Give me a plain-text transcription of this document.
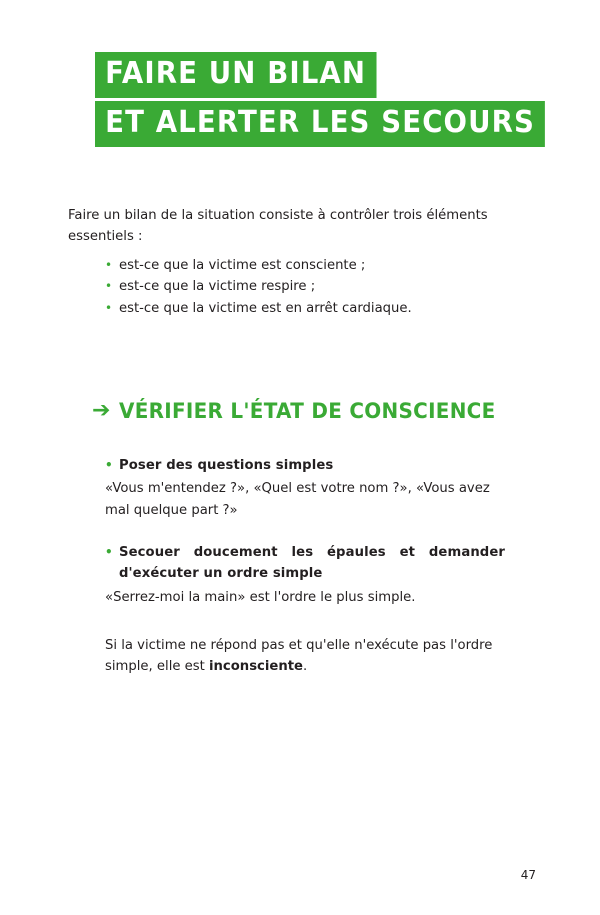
FAIRE UN BILAN
ET ALERTER LES SECOURS
Faire un bilan de la situation consiste à contrôler trois éléments essentiels :
• est-ce que la victime est consciente ;
• est-ce que la victime respire ;
• est-ce que la victime est en arrêt cardiaque.
➔ VÉRIFIER L'ÉTAT DE CONSCIENCE
• Poser des questions simples
«Vous m'entendez ?», «Quel est votre nom ?», «Vous avez mal quelque part ?»
• Secouer doucement les épaules et demander d'exécuter un ordre simple
«Serrez-moi la main» est l'ordre le plus simple.
Si la victime ne répond pas et qu'elle n'exécute pas l'ordre simple, elle est inconsciente.
47
